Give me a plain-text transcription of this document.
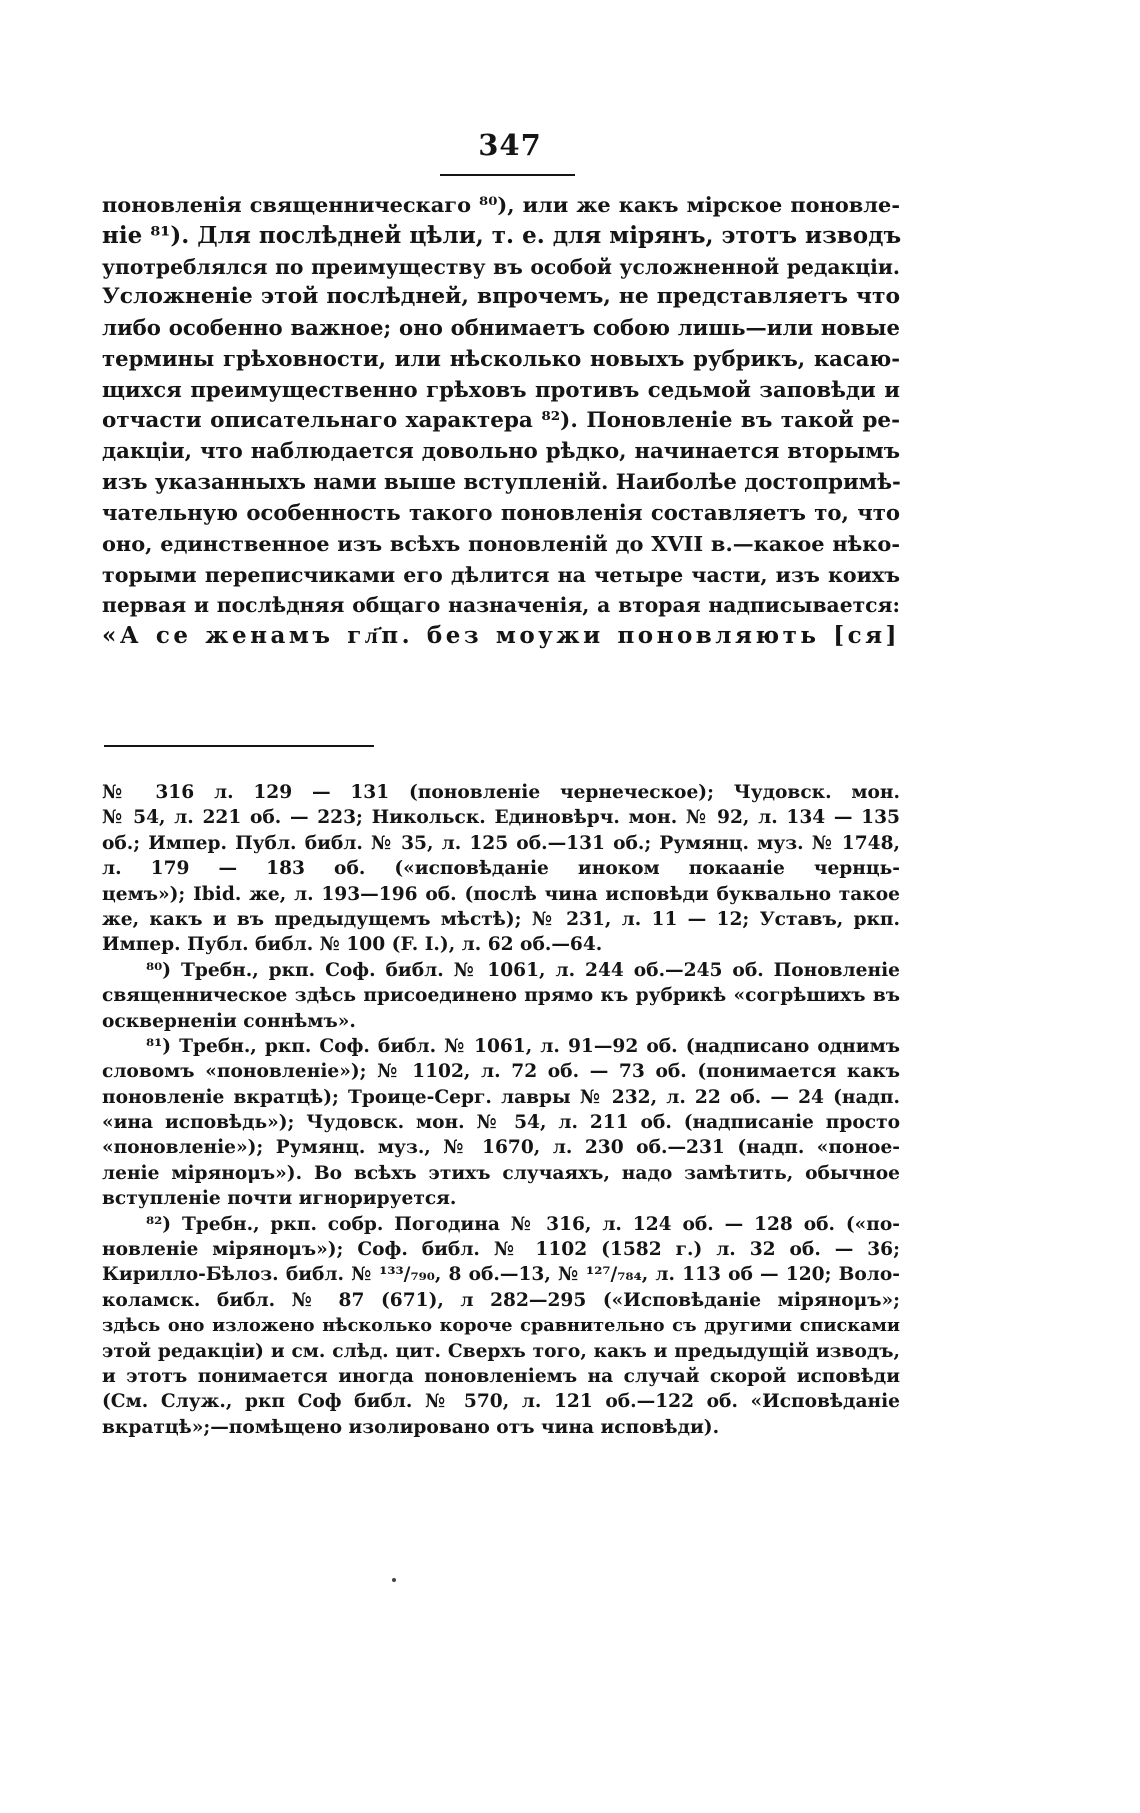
347
поновленія священническаго ⁸⁰), или же какъ мірское поновле-
ніе ⁸¹). Для послѣдней цѣли, т. е. для мірянъ, этотъ изводъ
употреблялся по преимуществу въ особой усложненной редакціи.
Усложненіе этой послѣдней, впрочемъ, не представляетъ что
либо особенно важное; оно обнимаетъ собою лишь—или новые
термины грѣховности, или нѣсколько новыхъ рубрикъ, касаю-
щихся преимущественно грѣховъ противъ седьмой заповѣди и
отчасти описательнаго характера ⁸²). Поновленіе въ такой ре-
дакціи, что наблюдается довольно рѣдко, начинается вторымъ
изъ указанныхъ нами выше вступленій. Наиболѣе достопримѣ-
чательную особенность такого поновленія составляетъ то, что
оно, единственное изъ всѣхъ поновленій до XVII в.—какое нѣко-
торыми переписчиками его дѣлится на четыре части, изъ коихъ
первая и послѣдняя общаго назначенія, а вторая надписывается:
«А се женамъ гл҃п. без моужи поновляють [ся]
№ 316 л. 129 — 131 (поновленіе чернеческое); Чудовск. мон.
№ 54, л. 221 об. — 223; Никольск. Единовѣрч. мон. № 92, л. 134 — 135
об.; Импер. Публ. библ. № 35, л. 125 об.—131 об.; Румянц. муз. № 1748,
л. 179 — 183 об. («исповѣданіе иноком покааніе чернць-
цемъ»); Ibid. же, л. 193—196 об. (послѣ чина исповѣди буквально такое
же, какъ и въ предыдущемъ мѣстѣ); № 231, л. 11 — 12; Уставъ, ркп.
Импер. Публ. библ. № 100 (F. I.), л. 62 об.—64.
⁸⁰) Требн., ркп. Соф. библ. № 1061, л. 244 об.—245 об. Поновленіе
священническое здѣсь присоединено прямо къ рубрикѣ «согрѣшихъ въ
оскверненіи соннѣмъ».
⁸¹) Требн., ркп. Соф. библ. № 1061, л. 91—92 об. (надписано однимъ
словомъ «поновленіе»); № 1102, л. 72 об. — 73 об. (понимается какъ
поновленіе вкратцѣ); Троице-Серг. лавры № 232, л. 22 об. — 24 (надп.
«ина исповѣдь»); Чудовск. мон. № 54, л. 211 об. (надписаніе просто
«поновленіе»); Румянц. муз., № 1670, л. 230 об.—231 (надп. «поное-
леніе мірянομъ»). Во всѣхъ этихъ случаяхъ, надо замѣтить, обычное
вступленіе почти игнорируется.
⁸²) Требн., ркп. собр. Погодина № 316, л. 124 об. — 128 об. («по-
новленіе мірянομъ»); Соф. библ. № 1102 (1582 г.) л. 32 об. — 36;
Кирилло-Бѣлоз. библ. № ¹³³/₇₉₀, 8 об.—13, № ¹²⁷/₇₈₄, л. 113 об — 120; Воло-
коламск. библ. № 87 (671), л 282—295 («Исповѣданіе мірянομъ»;
здѣсь оно изложено нѣсколько короче сравнительно съ другими списками
этой редакціи) и см. слѣд. цит. Сверхъ того, какъ и предыдущій изводъ,
и этотъ понимается иногда поновленіемъ на случай скорой исповѣди
(См. Служ., ркп Соф библ. № 570, л. 121 об.—122 об. «Исповѣданіе
вкратцѣ»;—помѣщено изолировано отъ чина исповѣди).
